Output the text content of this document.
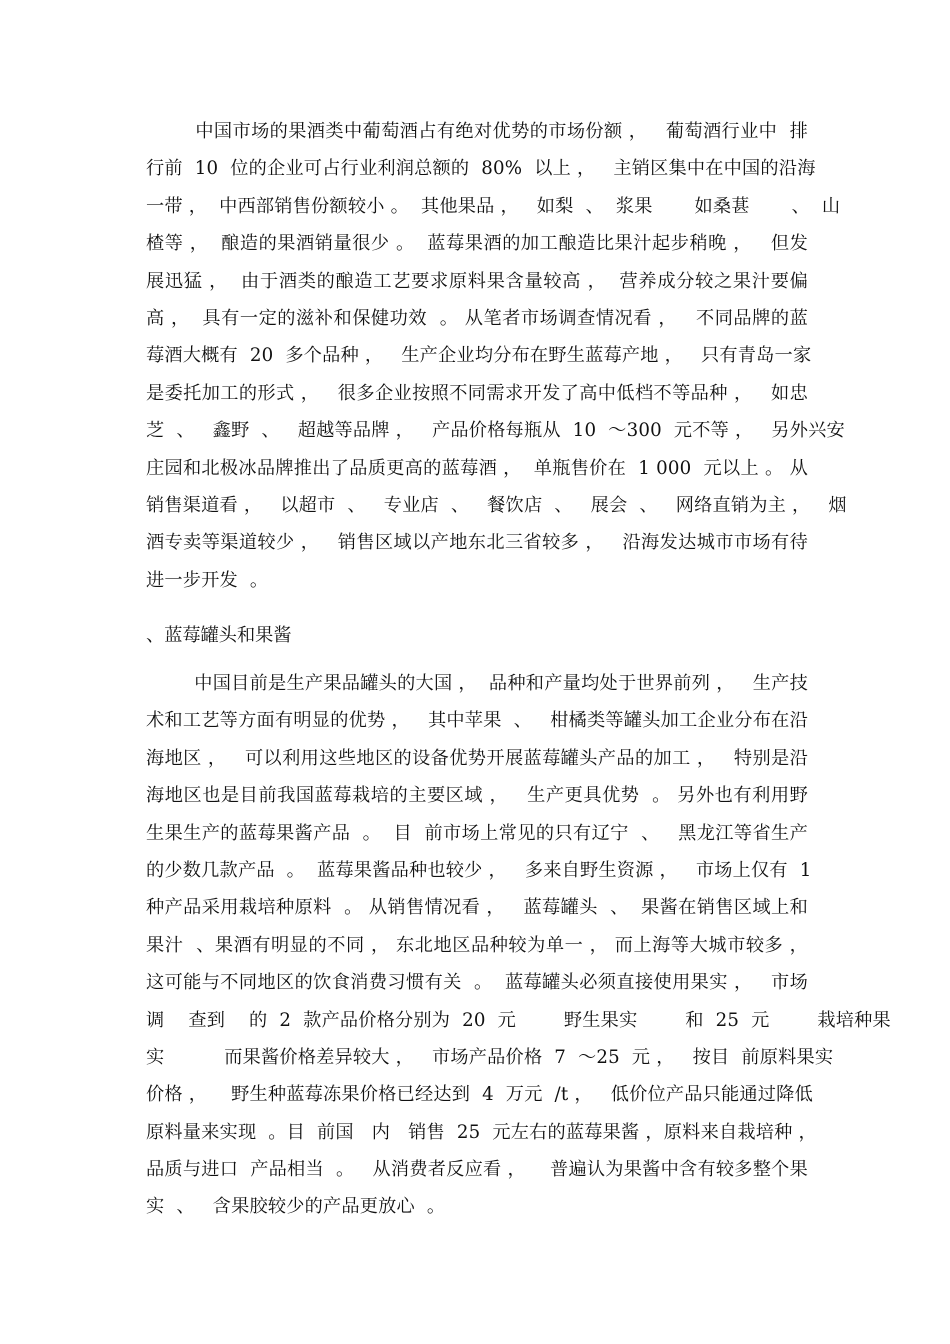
中国市场的果酒类中葡萄酒占有绝对优势的市场份额 ，   葡萄酒行业中  排
行前  10  位的企业可占行业利润总额的  80%  以上 ，   主销区集中在中国的沿海
一带 ，  中西部销售份额较小 。  其他果品 ，   如梨  、  浆果       如桑葚       、  山
楂等 ，  酿造的果酒销量很少 。  蓝莓果酒的加工酿造比果汁起步稍晚 ，   但发
展迅猛 ，  由于酒类的酿造工艺要求原料果含量较高 ，  营养成分较之果汁要偏
高 ，  具有一定的滋补和保健功效  。 从笔者市场调查情况看 ，   不同品牌的蓝
莓酒大概有  20  多个品种 ，   生产企业均分布在野生蓝莓产地 ，   只有青岛一家
是委托加工的形式 ，   很多企业按照不同需求开发了高中低档不等品种 ，   如忠
芝  、   鑫野  、   超越等品牌 ，   产品价格每瓶从  10  ～300  元不等 ，   另外兴安
庄园和北极冰品牌推出了品质更高的蓝莓酒 ，  单瓶售价在  1 000  元以上 。 从
销售渠道看 ，   以超市  、   专业店  、   餐饮店  、   展会  、   网络直销为主 ，   烟
酒专卖等渠道较少 ，   销售区域以产地东北三省较多 ，   沿海发达城市市场有待
进一步开发  。
、蓝莓罐头和果酱
中国目前是生产果品罐头的大国 ，  品种和产量均处于世界前列 ，   生产技
术和工艺等方面有明显的优势 ，   其中苹果  、   柑橘类等罐头加工企业分布在沿
海地区 ，   可以利用这些地区的设备优势开展蓝莓罐头产品的加工 ，   特别是沿
海地区也是目前我国蓝莓栽培的主要区域 ，   生产更具优势  。 另外也有利用野
生果生产的蓝莓果酱产品  。  目  前市场上常见的只有辽宁  、   黑龙江等省生产
的少数几款产品  。  蓝莓果酱品种也较少 ，   多来自野生资源 ，   市场上仅有  1
种产品采用栽培种原料  。 从销售情况看 ，   蓝莓罐头  、  果酱在销售区域上和
果汁  、果酒有明显的不同 ， 东北地区品种较为单一 ， 而上海等大城市较多 ，
这可能与不同地区的饮食消费习惯有关  。  蓝莓罐头必须直接使用果实 ，   市场
调    查到    的  2  款产品价格分别为  20  元        野生果实        和  25  元        栽培种果
实          而果酱价格差异较大 ，   市场产品价格  7  ～25  元 ，   按目  前原料果实
价格 ，    野生种蓝莓冻果价格已经达到  4  万元  /t ，   低价位产品只能通过降低
原料量来实现  。目  前国   内   销售  25  元左右的蓝莓果酱 ，原料来自栽培种 ，
品质与进口  产品相当  。   从消费者反应看 ，    普遍认为果酱中含有较多整个果
实  、   含果胶较少的产品更放心  。
